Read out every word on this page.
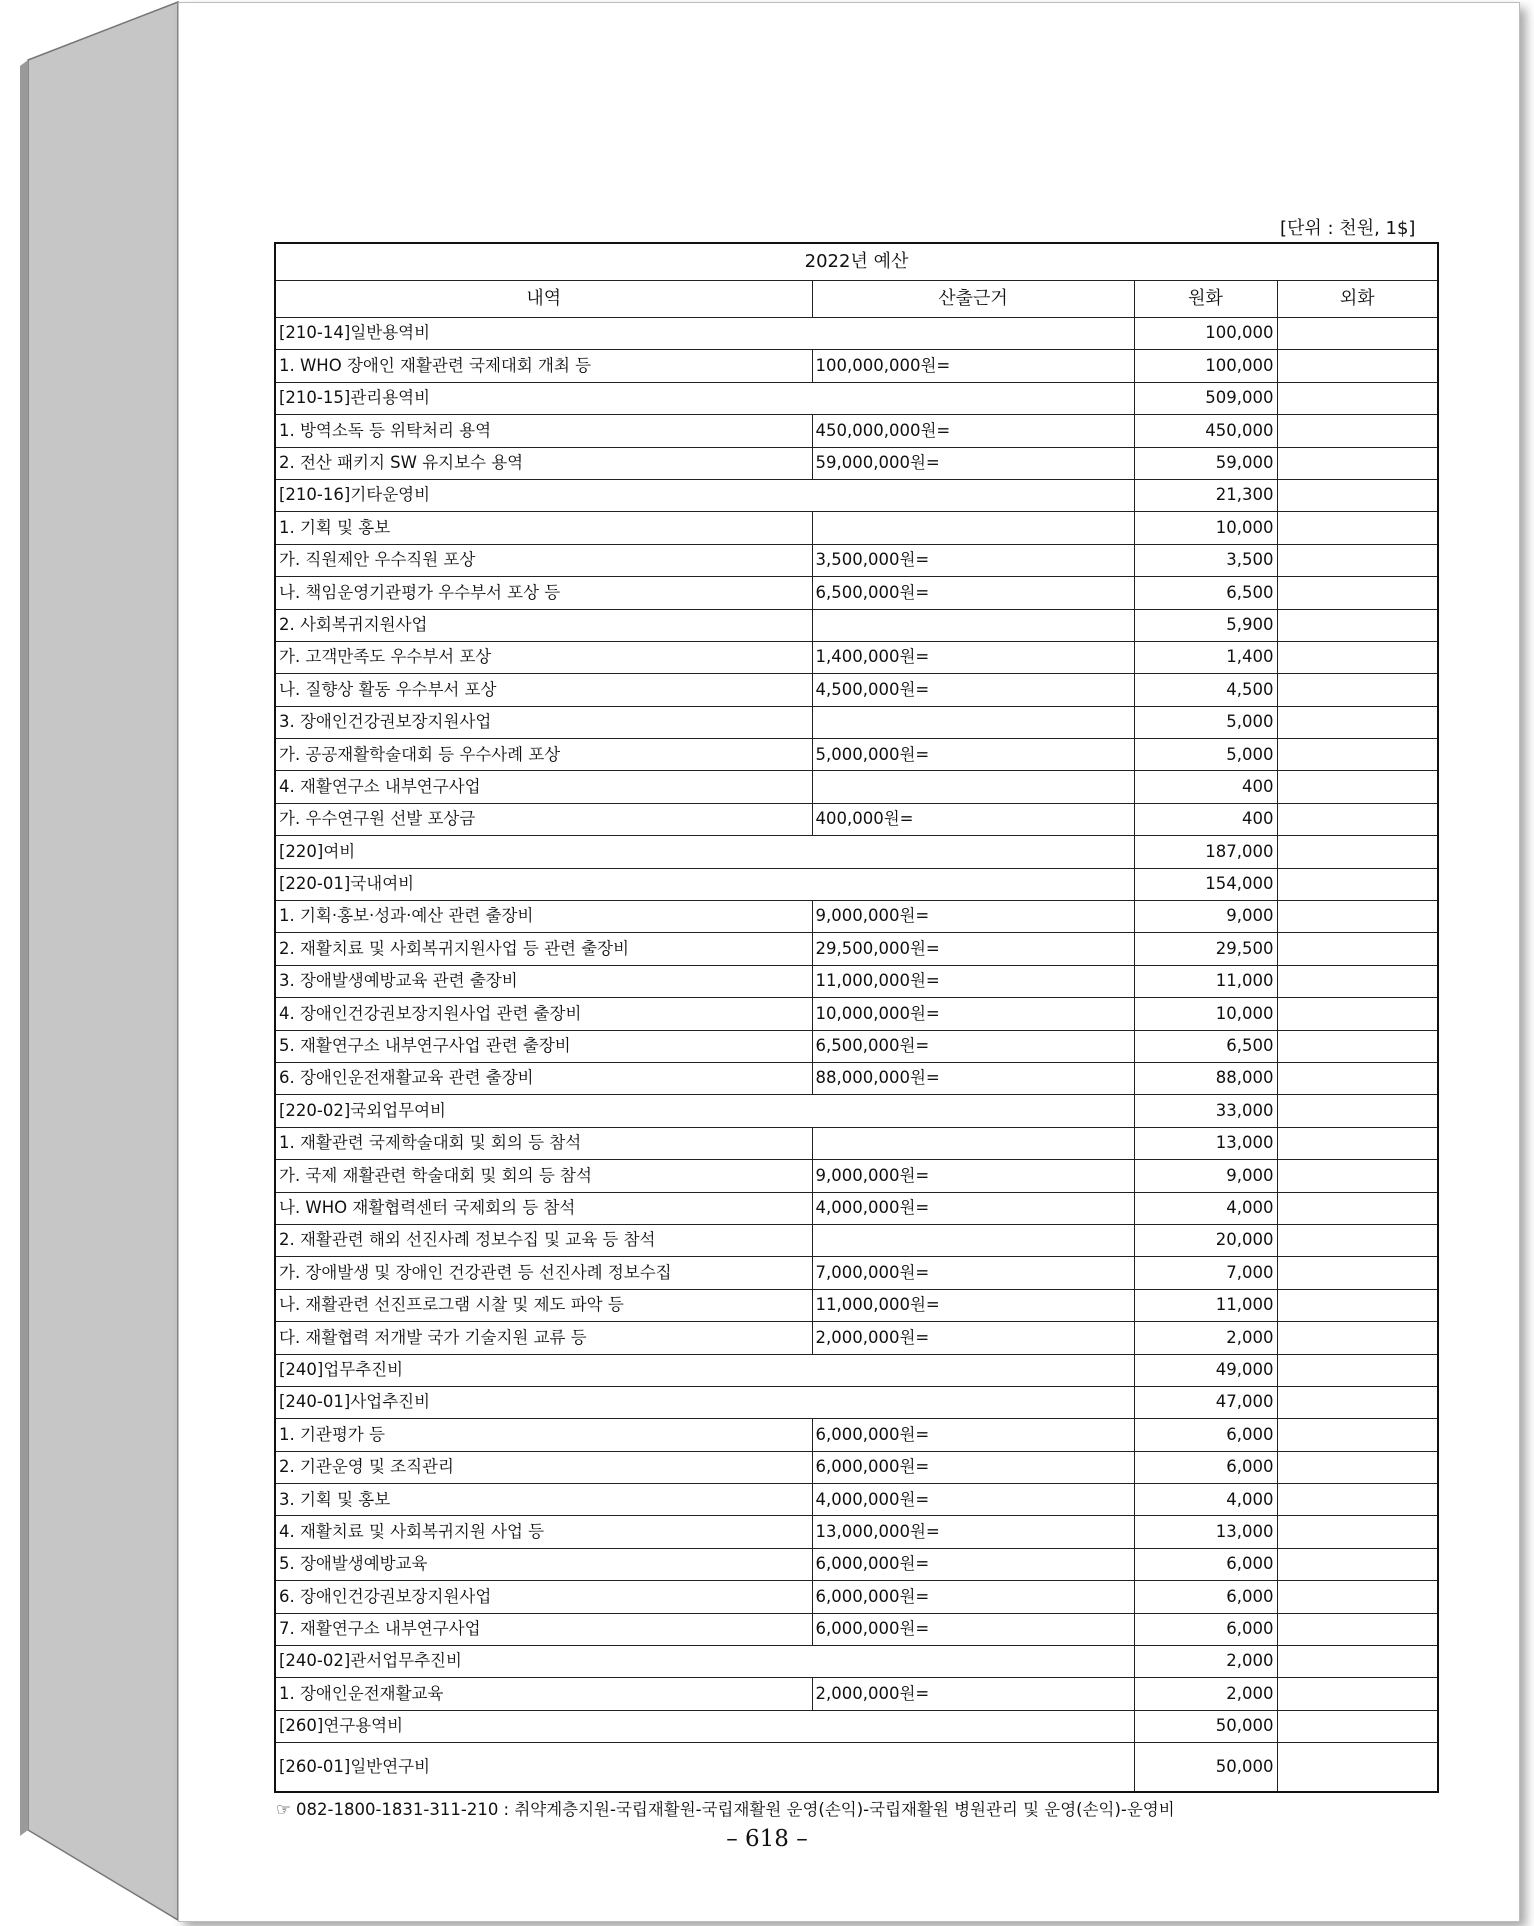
[단위 : 천원, 1$]
2022년 예산			
내역	산출근거	원화	외화
[210-14]일반용역비		100,000	
1. WHO 장애인 재활관련 국제대회 개최 등	100,000,000원=	100,000	
[210-15]관리용역비		509,000	
1. 방역소독 등 위탁처리 용역	450,000,000원=	450,000	
2. 전산 패키지 SW 유지보수 용역	59,000,000원=	59,000	
[210-16]기타운영비		21,300	
1. 기획 및 홍보		10,000	
가. 직원제안 우수직원 포상	3,500,000원=	3,500	
나. 책임운영기관평가 우수부서 포상 등	6,500,000원=	6,500	
2. 사회복귀지원사업		5,900	
가. 고객만족도 우수부서 포상	1,400,000원=	1,400	
나. 질향상 활동 우수부서 포상	4,500,000원=	4,500	
3. 장애인건강권보장지원사업		5,000	
가. 공공재활학술대회 등 우수사례 포상	5,000,000원=	5,000	
4. 재활연구소 내부연구사업		400	
가. 우수연구원 선발 포상금	400,000원=	400	
[220]여비		187,000	
[220-01]국내여비		154,000	
1. 기획·홍보·성과·예산 관련 출장비	9,000,000원=	9,000	
2. 재활치료 및 사회복귀지원사업 등 관련 출장비	29,500,000원=	29,500	
3. 장애발생예방교육 관련 출장비	11,000,000원=	11,000	
4. 장애인건강권보장지원사업 관련 출장비	10,000,000원=	10,000	
5. 재활연구소 내부연구사업 관련 출장비	6,500,000원=	6,500	
6. 장애인운전재활교육 관련 출장비	88,000,000원=	88,000	
[220-02]국외업무여비		33,000	
1. 재활관련 국제학술대회 및 회의 등 참석		13,000	
가. 국제 재활관련 학술대회 및 회의 등 참석	9,000,000원=	9,000	
나. WHO 재활협력센터 국제회의 등 참석	4,000,000원=	4,000	
2. 재활관련 해외 선진사례 정보수집 및 교육 등 참석		20,000	
가. 장애발생 및 장애인 건강관련 등 선진사례 정보수집	7,000,000원=	7,000	
나. 재활관련 선진프로그램 시찰 및 제도 파악 등	11,000,000원=	11,000	
다. 재활협력 저개발 국가 기술지원 교류 등	2,000,000원=	2,000	
[240]업무추진비		49,000	
[240-01]사업추진비		47,000	
1. 기관평가 등	6,000,000원=	6,000	
2. 기관운영 및 조직관리	6,000,000원=	6,000	
3. 기획 및 홍보	4,000,000원=	4,000	
4. 재활치료 및 사회복귀지원 사업 등	13,000,000원=	13,000	
5. 장애발생예방교육	6,000,000원=	6,000	
6. 장애인건강권보장지원사업	6,000,000원=	6,000	
7. 재활연구소 내부연구사업	6,000,000원=	6,000	
[240-02]관서업무추진비		2,000	
1. 장애인운전재활교육	2,000,000원=	2,000	
[260]연구용역비		50,000	
[260-01]일반연구비		50,000	
☞ 082-1800-1831-311-210 : 취약계층지원-국립재활원-국립재활원 운영(손익)-국립재활원 병원관리 및 운영(손익)-운영비
– 618 –
